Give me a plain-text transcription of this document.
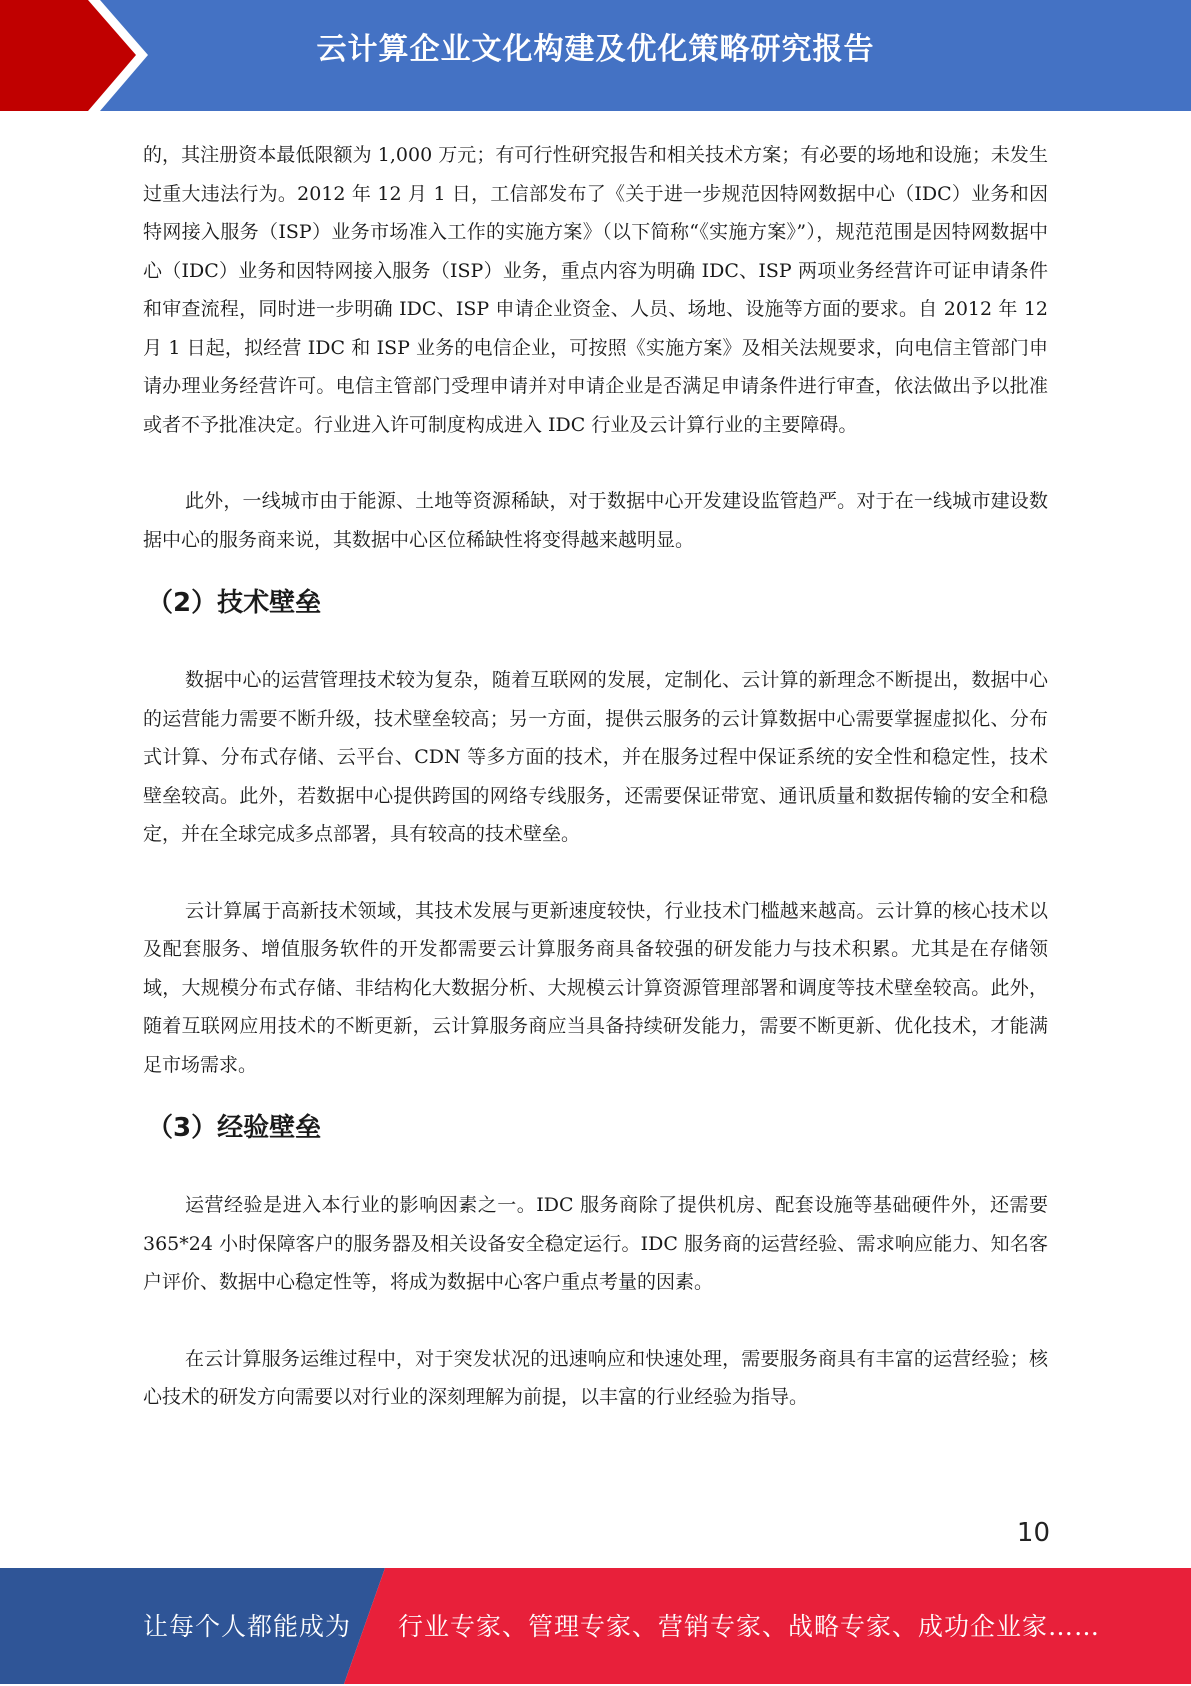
云计算企业文化构建及优化策略研究报告

的，其注册资本最低限额为 1,000 万元；有可行性研究报告和相关技术方案；有必要的场地和设施；未发生过重大违法行为。2012 年 12 月 1 日，工信部发布了《关于进一步规范因特网数据中心（IDC）业务和因特网接入服务（ISP）业务市场准入工作的实施方案》（以下简称“《实施方案》”），规范范围是因特网数据中心（IDC）业务和因特网接入服务（ISP）业务，重点内容为明确 IDC、ISP 两项业务经营许可证申请条件和审查流程，同时进一步明确 IDC、ISP 申请企业资金、人员、场地、设施等方面的要求。自 2012 年 12 月 1 日起，拟经营 IDC 和 ISP 业务的电信企业，可按照《实施方案》及相关法规要求，向电信主管部门申请办理业务经营许可。电信主管部门受理申请并对申请企业是否满足申请条件进行审查，依法做出予以批准或者不予批准决定。行业进入许可制度构成进入 IDC 行业及云计算行业的主要障碍。

此外，一线城市由于能源、土地等资源稀缺，对于数据中心开发建设监管趋严。对于在一线城市建设数据中心的服务商来说，其数据中心区位稀缺性将变得越来越明显。

（2）技术壁垒

数据中心的运营管理技术较为复杂，随着互联网的发展，定制化、云计算的新理念不断提出，数据中心的运营能力需要不断升级，技术壁垒较高；另一方面，提供云服务的云计算数据中心需要掌握虚拟化、分布式计算、分布式存储、云平台、CDN 等多方面的技术，并在服务过程中保证系统的安全性和稳定性，技术壁垒较高。此外，若数据中心提供跨国的网络专线服务，还需要保证带宽、通讯质量和数据传输的安全和稳定，并在全球完成多点部署，具有较高的技术壁垒。

云计算属于高新技术领域，其技术发展与更新速度较快，行业技术门槛越来越高。云计算的核心技术以及配套服务、增值服务软件的开发都需要云计算服务商具备较强的研发能力与技术积累。尤其是在存储领域，大规模分布式存储、非结构化大数据分析、大规模云计算资源管理部署和调度等技术壁垒较高。此外，随着互联网应用技术的不断更新，云计算服务商应当具备持续研发能力，需要不断更新、优化技术，才能满足市场需求。

（3）经验壁垒

运营经验是进入本行业的影响因素之一。IDC 服务商除了提供机房、配套设施等基础硬件外，还需要 365*24 小时保障客户的服务器及相关设备安全稳定运行。IDC 服务商的运营经验、需求响应能力、知名客户评价、数据中心稳定性等，将成为数据中心客户重点考量的因素。

在云计算服务运维过程中，对于突发状况的迅速响应和快速处理，需要服务商具有丰富的运营经验；核心技术的研发方向需要以对行业的深刻理解为前提，以丰富的行业经验为指导。

10
让每个人都能成为 行业专家、管理专家、营销专家、战略专家、成功企业家……
